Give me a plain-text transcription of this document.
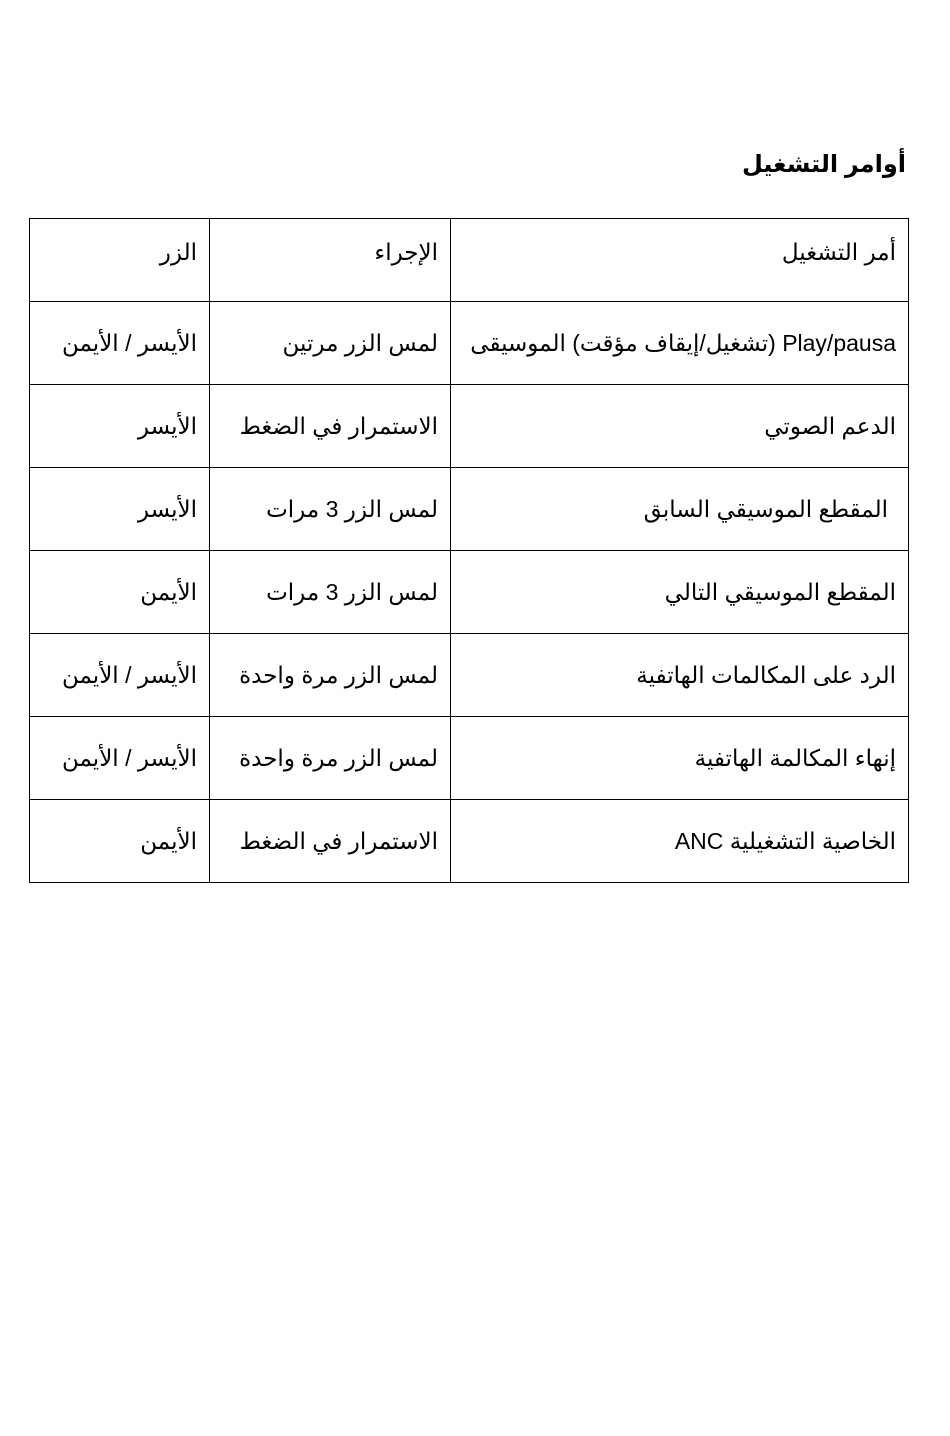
أوامر التشغيل
أمر التشغيل	الإجراء	الزر
Play/pausa (تشغيل/إيقاف مؤقت) الموسيقى	لمس الزر مرتين	الأيسر / الأيمن
الدعم الصوتي	الاستمرار في الضغط	الأيسر
المقطع الموسيقي السابق	لمس الزر 3 مرات	الأيسر
المقطع الموسيقي التالي	لمس الزر 3 مرات	الأيمن
الرد على المكالمات الهاتفية	لمس الزر مرة واحدة	الأيسر / الأيمن
إنهاء المكالمة الهاتفية	لمس الزر مرة واحدة	الأيسر / الأيمن
الخاصية التشغيلية ANC	الاستمرار في الضغط	الأيمن
